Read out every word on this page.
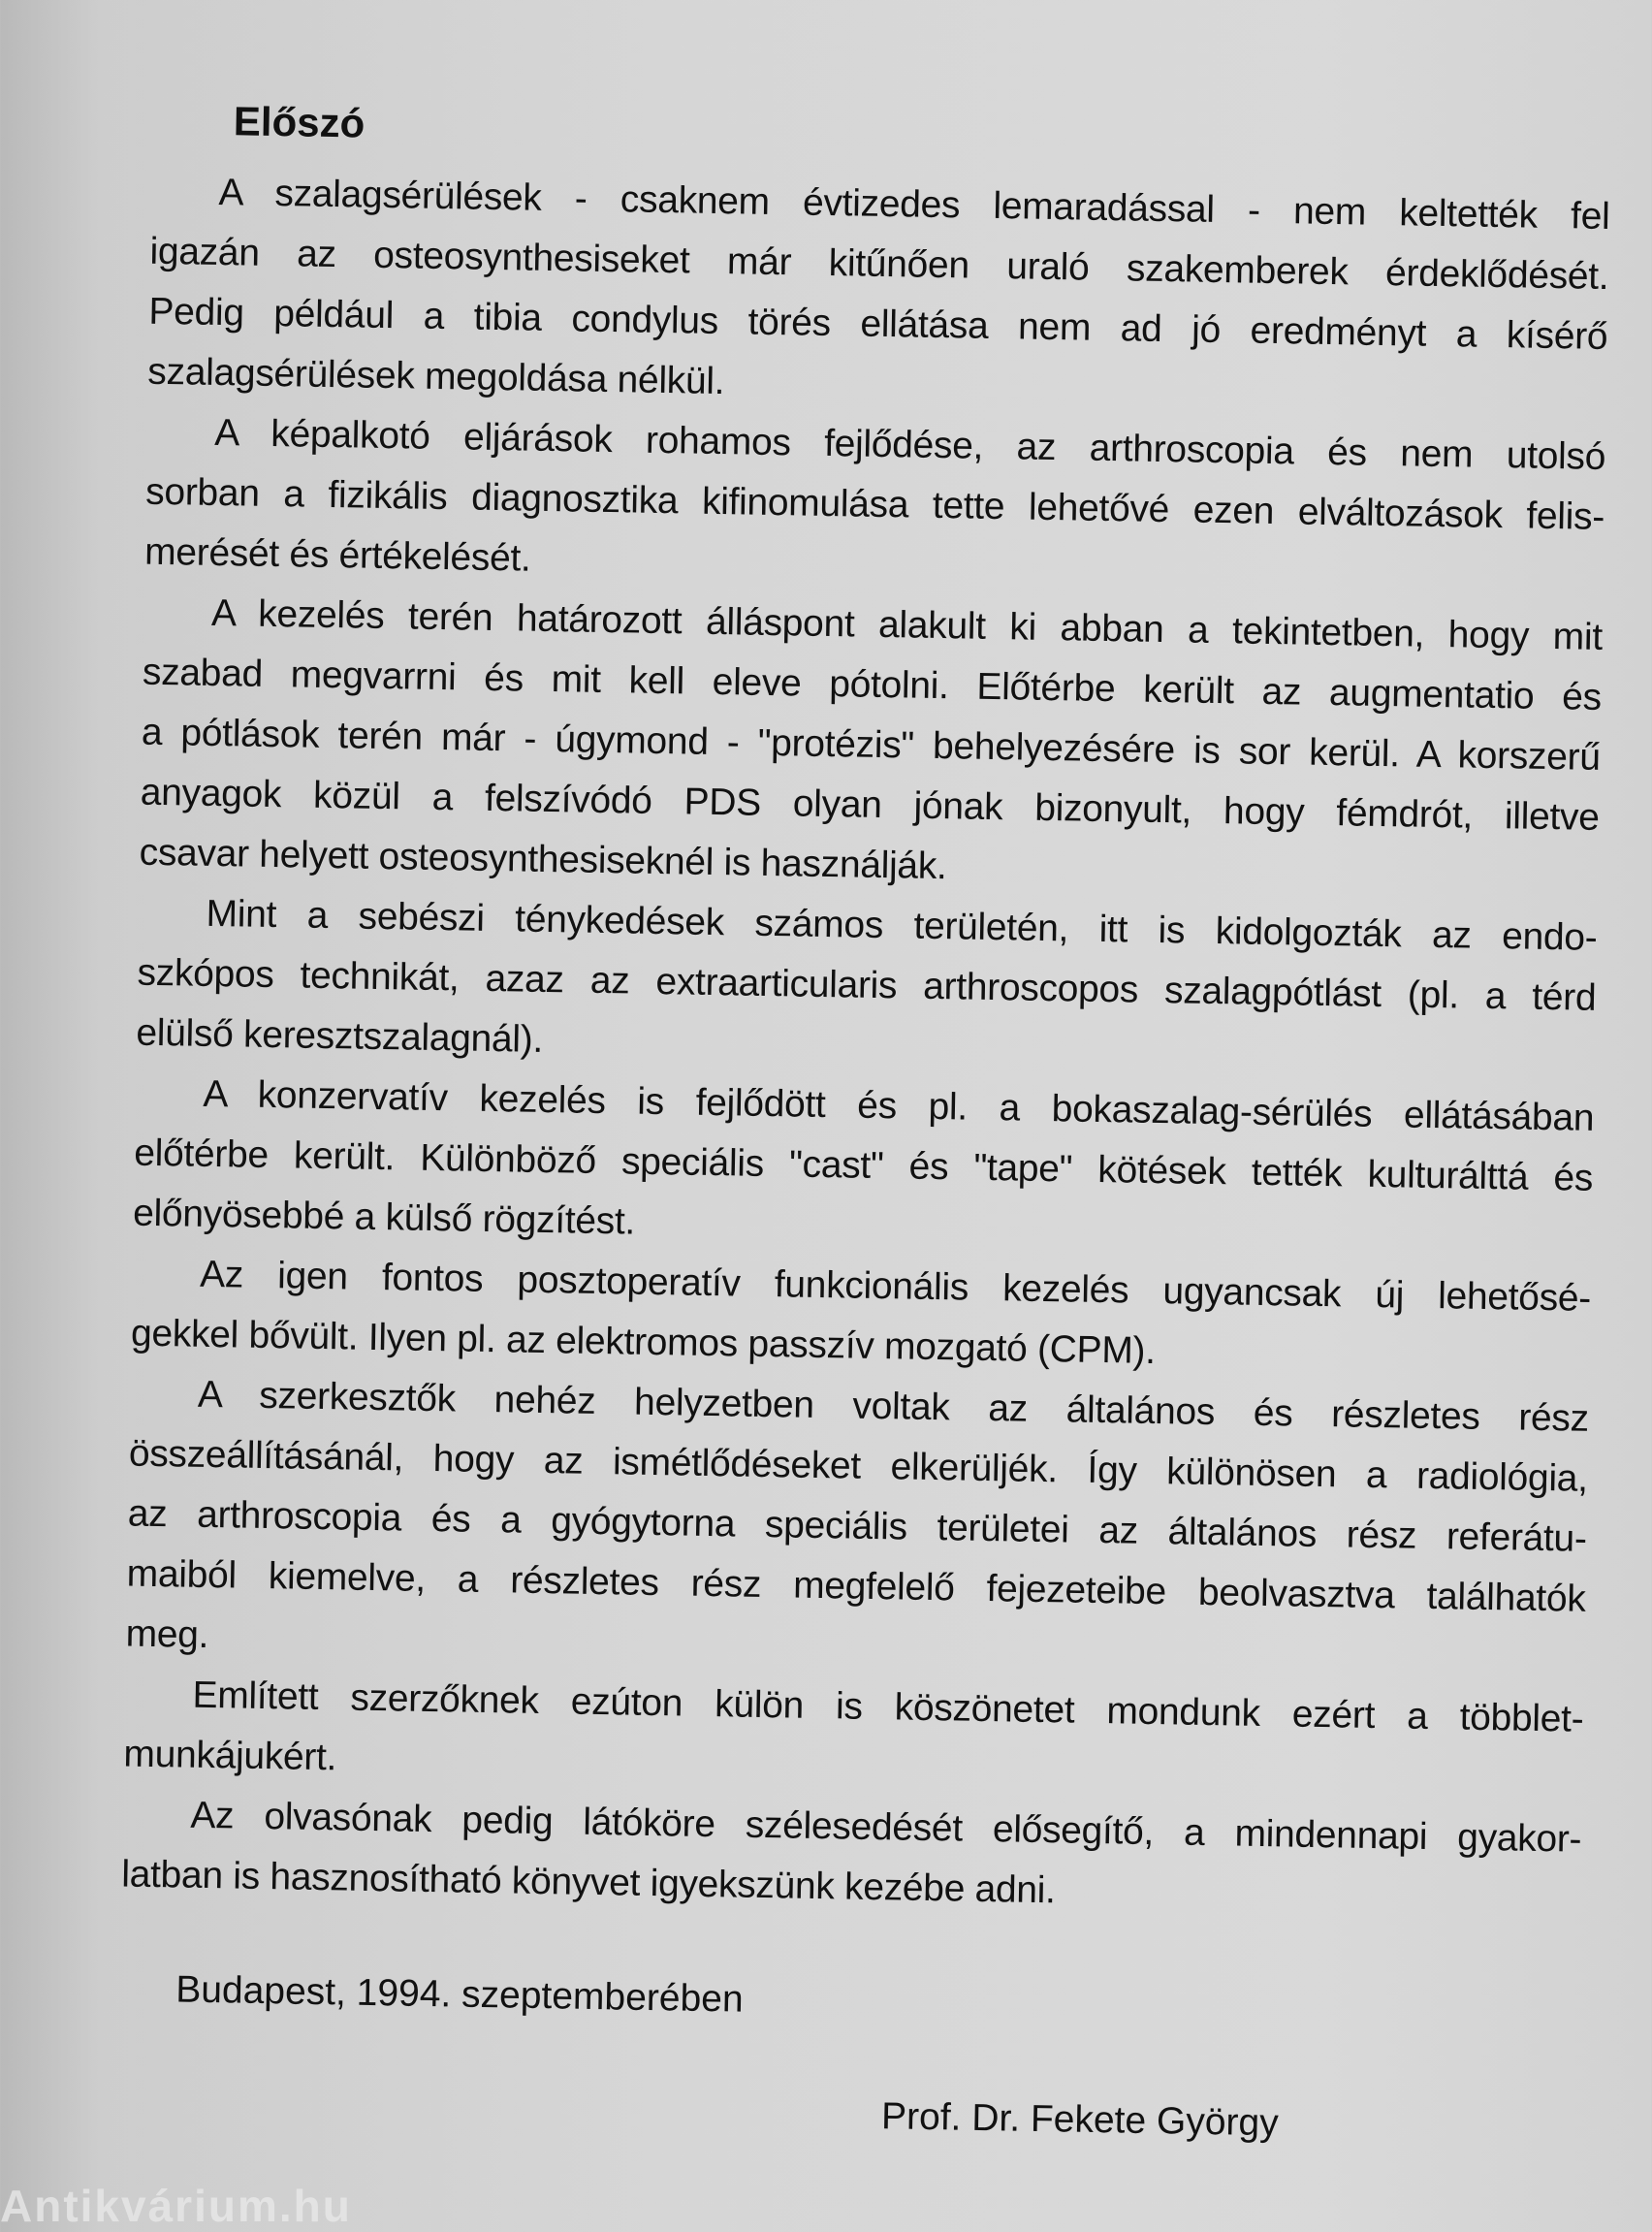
Előszó
A szalagsérülések - csaknem évtizedes lemaradással - nem keltették fel
igazán az osteosynthesiseket már kitűnően uraló szakemberek érdeklődését.
Pedig például a tibia condylus törés ellátása nem ad jó eredményt a kísérő
szalagsérülések megoldása nélkül.
A képalkotó eljárások rohamos fejlődése, az arthroscopia és nem utolsó
sorban a fizikális diagnosztika kifinomulása tette lehetővé ezen elváltozások felis-
merését és értékelését.
A kezelés terén határozott álláspont alakult ki abban a tekintetben, hogy mit
szabad megvarrni és mit kell eleve pótolni. Előtérbe került az augmentatio és
a pótlások terén már - úgymond - "protézis" behelyezésére is sor kerül. A korszerű
anyagok közül a felszívódó PDS olyan jónak bizonyult, hogy fémdrót, illetve
csavar helyett osteosynthesiseknél is használják.
Mint a sebészi ténykedések számos területén, itt is kidolgozták az endo-
szkópos technikát, azaz az extraarticularis arthroscopos szalagpótlást (pl. a térd
elülső keresztszalagnál).
A konzervatív kezelés is fejlődött és pl. a bokaszalag-sérülés ellátásában
előtérbe került. Különböző speciális "cast" és "tape" kötések tették kulturálttá és
előnyösebbé a külső rögzítést.
Az igen fontos posztoperatív funkcionális kezelés ugyancsak új lehetősé-
gekkel bővült. Ilyen pl. az elektromos passzív mozgató (CPM).
A szerkesztők nehéz helyzetben voltak az általános és részletes rész
összeállításánál, hogy az ismétlődéseket elkerüljék. Így különösen a radiológia,
az arthroscopia és a gyógytorna speciális területei az általános rész referátu-
maiból kiemelve, a részletes rész megfelelő fejezeteibe beolvasztva találhatók
meg.
Említett szerzőknek ezúton külön is köszönetet mondunk ezért a többlet-
munkájukért.
Az olvasónak pedig látóköre szélesedését elősegítő, a mindennapi gyakor-
latban is hasznosítható könyvet igyekszünk kezébe adni.
Budapest, 1994. szeptemberében
Prof. Dr. Fekete György
Antikvárium.hu
